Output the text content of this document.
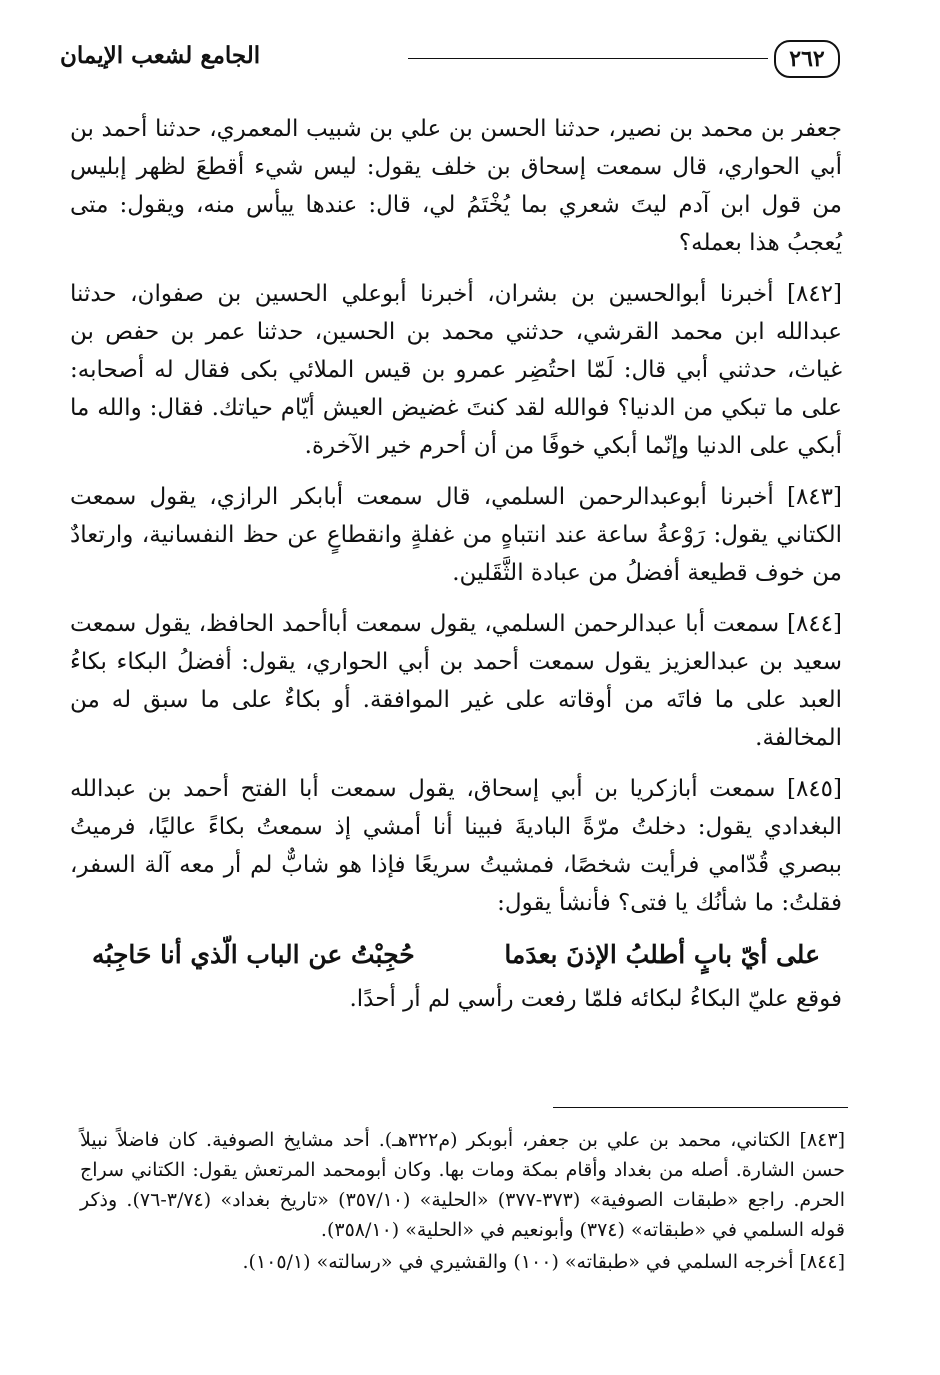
٢٦٢
الجامع لشعب الإيمان

جعفر بن محمد بن نصير، حدثنا الحسن بن علي بن شبيب المعمري، حدثنا أحمد بن أبي الحواري، قال سمعت إسحاق بن خلف يقول: ليس شيء أقطعَ لظهر إبليس من قول ابن آدم ليتَ شعري بما يُخْتَمُ لي، قال: عندها ييأس منه، ويقول: متى يُعجبُ هذا بعمله؟

[٨٤٢] أخبرنا أبوالحسين بن بشران، أخبرنا أبوعلي الحسين بن صفوان، حدثنا عبدالله ابن محمد القرشي، حدثني محمد بن الحسين، حدثنا عمر بن حفص بن غياث، حدثني أبي قال: لَمّا احتُضِر عمرو بن قيس الملائي بكى فقال له أصحابه: على ما تبكي من الدنيا؟ فوالله لقد كنتَ غضيض العيش أيّام حياتك. فقال: والله ما أبكي على الدنيا وإنّما أبكي خوفًا من أن أحرم خير الآخرة.

[٨٤٣] أخبرنا أبوعبدالرحمن السلمي، قال سمعت أبابكر الرازي، يقول سمعت الكتاني يقول: رَوْعةُ ساعة عند انتباهٍ من غفلةٍ وانقطاعٍ عن حظ النفسانية، وارتعادٌ من خوف قطيعة أفضلُ من عبادة الثَّقَلين.

[٨٤٤] سمعت أبا عبدالرحمن السلمي، يقول سمعت أباأحمد الحافظ، يقول سمعت سعيد بن عبدالعزيز يقول سمعت أحمد بن أبي الحواري، يقول: أفضلُ البكاء بكاءُ العبد على ما فاتَه من أوقاته على غير الموافقة. أو بكاءٌ على ما سبق له من المخالفة.

[٨٤٥] سمعت أبازكريا بن أبي إسحاق، يقول سمعت أبا الفتح أحمد بن عبدالله البغدادي يقول: دخلتُ مرّةً الباديةَ فبينا أنا أمشي إذ سمعتُ بكاءً عاليًا، فرميتُ ببصري قُدّامي فرأيت شخصًا، فمشيتُ سريعًا فإذا هو شابٌّ لم أر معه آلة السفر، فقلتُ: ما شأنُك يا فتى؟ فأنشأ يقول:

على أيّ بابٍ أطلبُ الإذنَ بعدَما
حُجِبْتُ عن الباب الّذي أنا حَاجِبُه

فوقع عليّ البكاءُ لبكائه فلمّا رفعت رأسي لم أر أحدًا.

[٨٤٣] الكتاني، محمد بن علي بن جعفر، أبوبكر (م٣٢٢هـ). أحد مشايخ الصوفية. كان فاضلاً نبيلاً حسن الشارة. أصله من بغداد وأقام بمكة ومات بها. وكان أبومحمد المرتعش يقول: الكتاني سراج الحرم. راجع «طبقات الصوفية» (٣٧٣-٣٧٧) «الحلية» (٣٥٧/١٠) «تاريخ بغداد» (٣/٧٤-٧٦). وذكر قوله السلمي في «طبقاته» (٣٧٤) وأبونعيم في «الحلية» (٣٥٨/١٠).

[٨٤٤] أخرجه السلمي في «طبقاته» (١٠٠) والقشيري في «رسالته» (١٠٥/١).
